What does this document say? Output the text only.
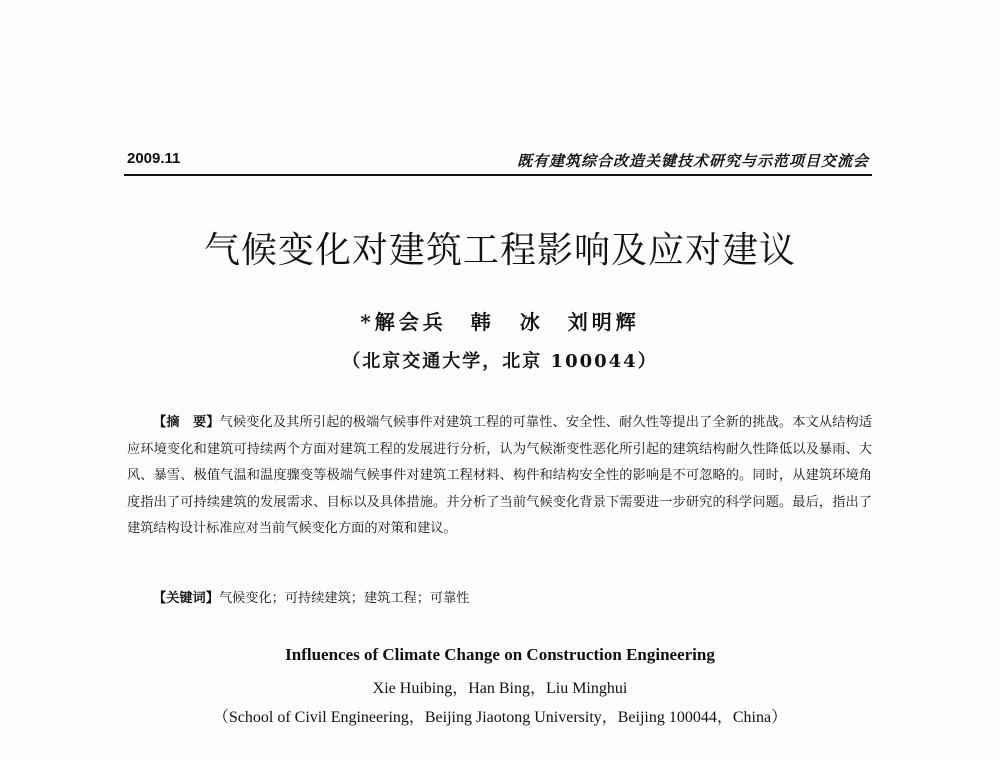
2009.11	既有建筑综合改造关键技术研究与示范项目交流会
气候变化对建筑工程影响及应对建议
*解会兵　韩 冰　刘明辉
（北京交通大学，北京 100044）
【摘　要】气候变化及其所引起的极端气候事件对建筑工程的可靠性、安全性、耐久性等提出了全新的挑战。本文从结构适应环境变化和建筑可持续两个方面对建筑工程的发展进行分析，认为气候渐变性恶化所引起的建筑结构耐久性降低以及暴雨、大风、暴雪、极值气温和温度骤变等极端气候事件对建筑工程材料、构件和结构安全性的影响是不可忽略的。同时，从建筑环境角度指出了可持续建筑的发展需求、目标以及具体措施。并分析了当前气候变化背景下需要进一步研究的科学问题。最后，指出了建筑结构设计标准应对当前气候变化方面的对策和建议。
【关键词】气候变化；可持续建筑；建筑工程；可靠性
Influences of Climate Change on Construction Engineering
Xie Huibing，Han Bing，Liu Minghui
（School of Civil Engineering，Beijing Jiaotong University，Beijing 100044，China）
